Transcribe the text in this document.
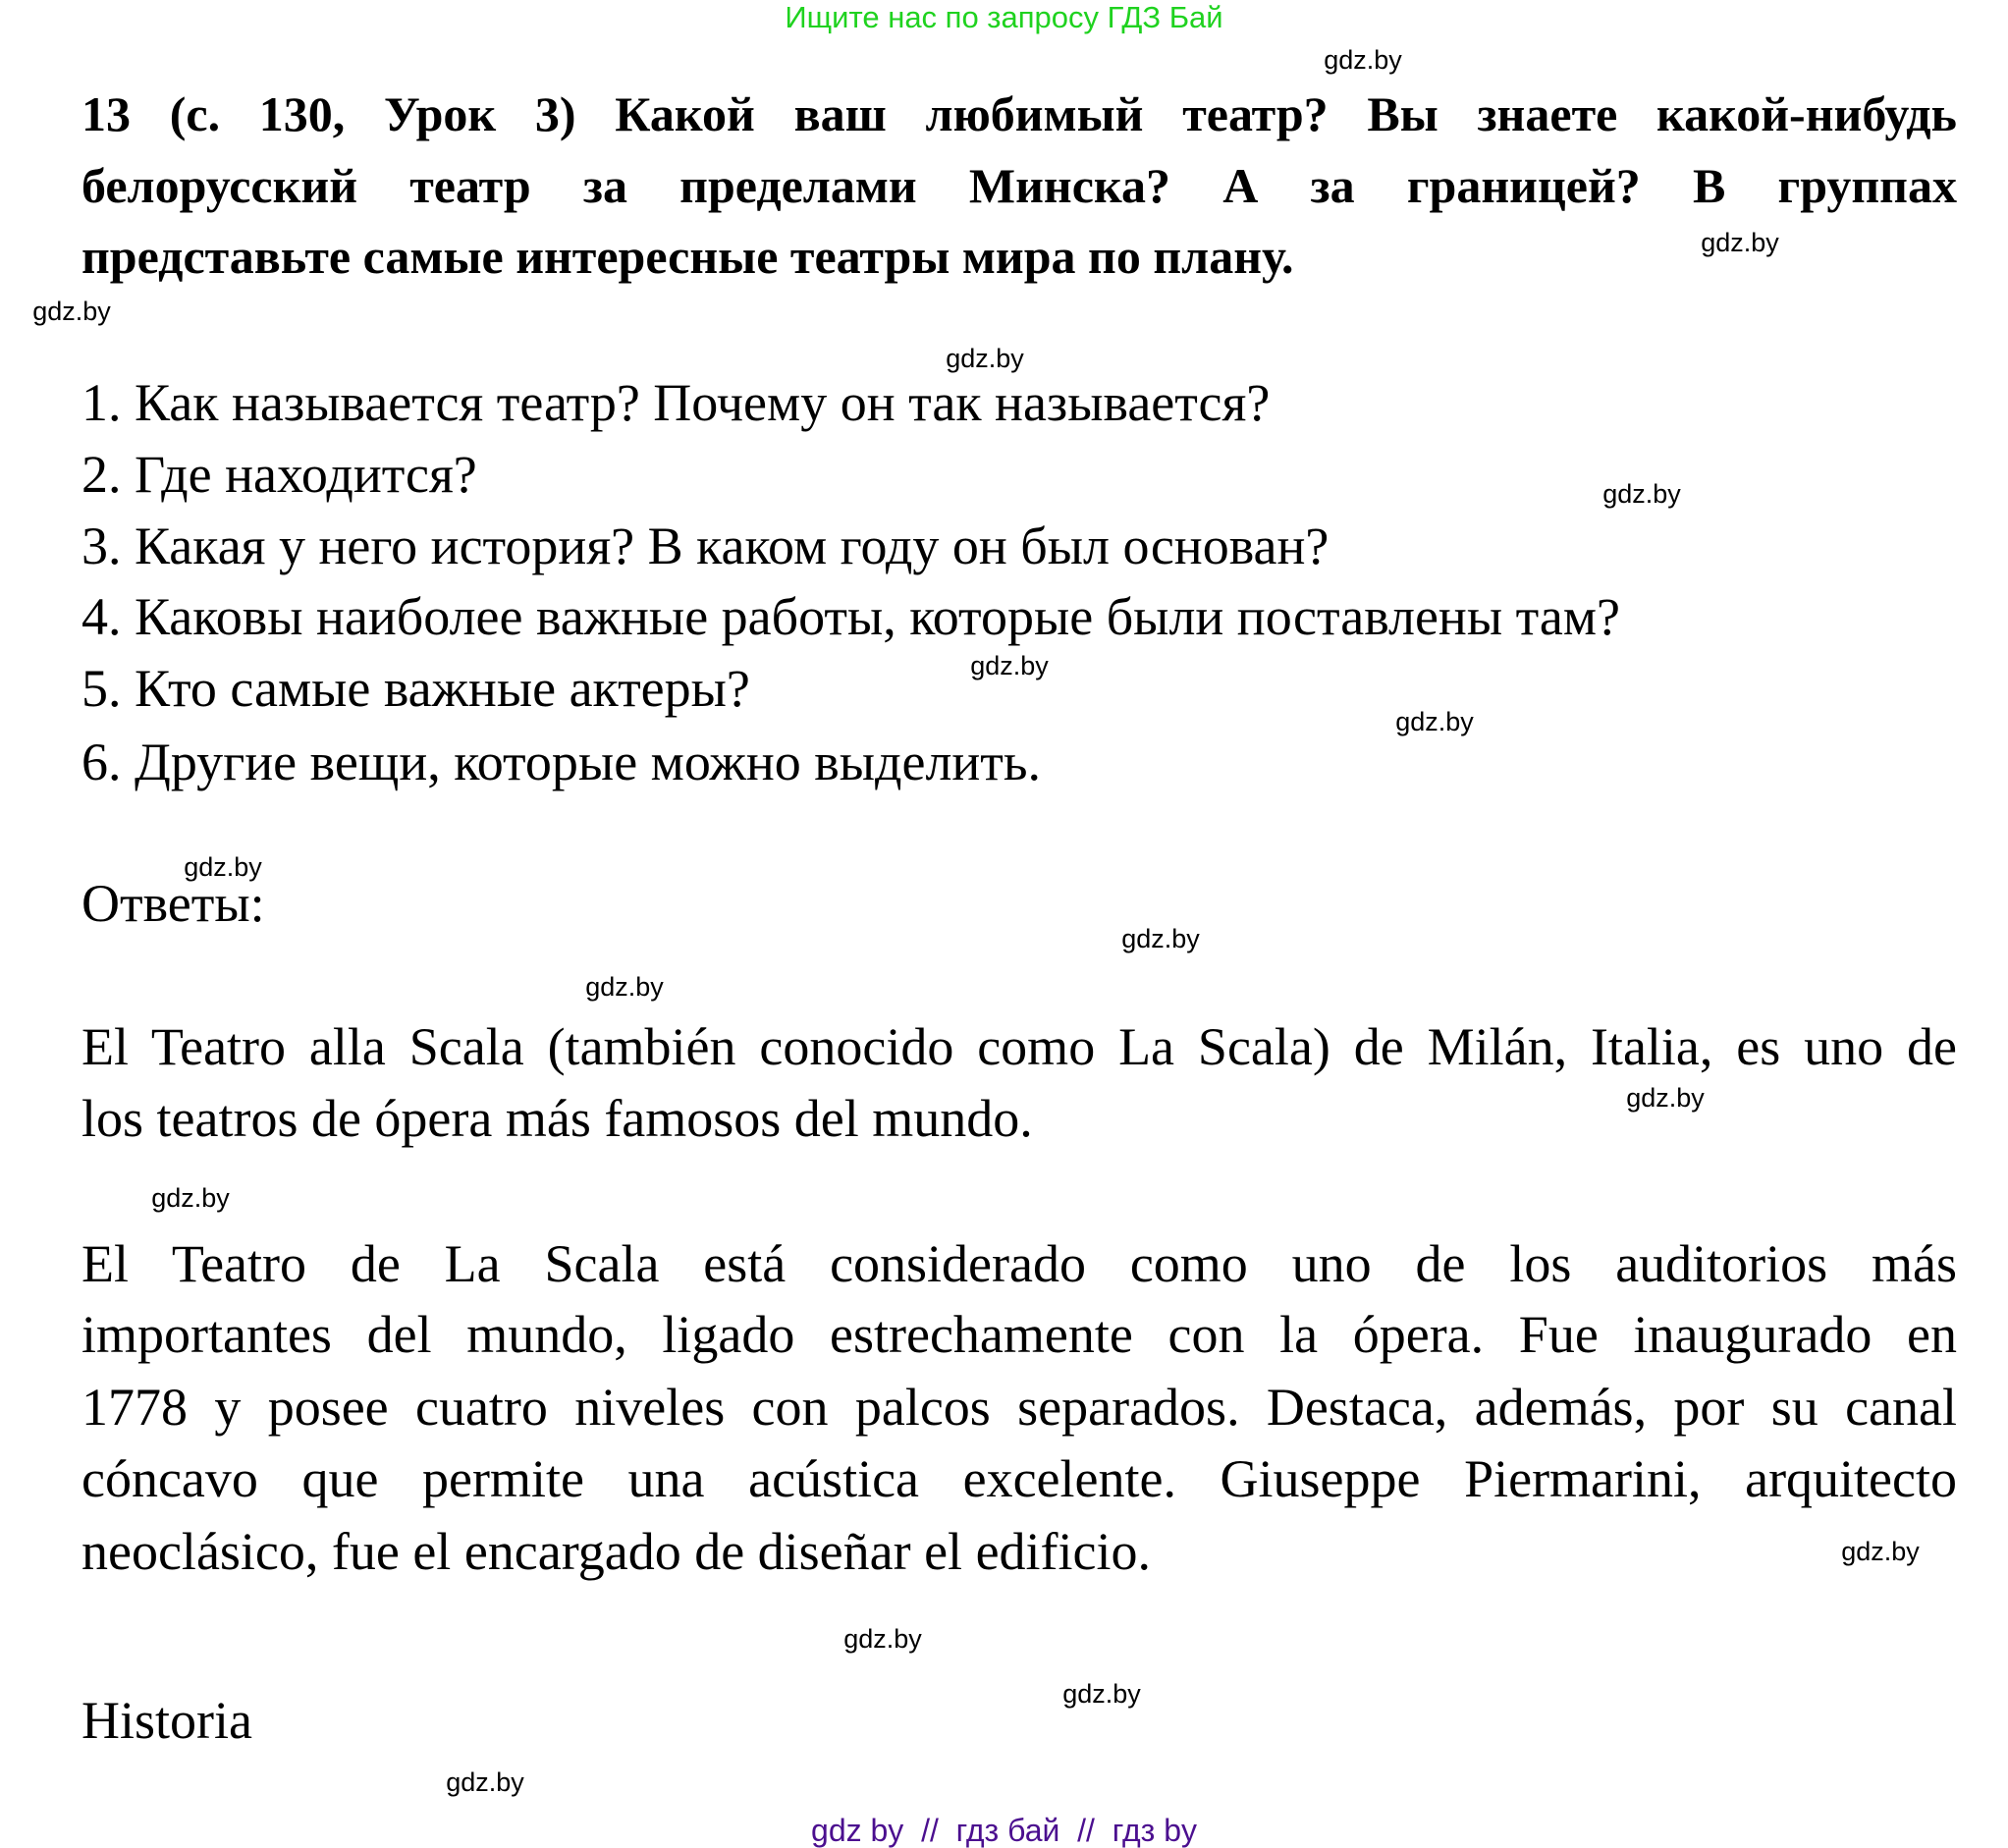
Ищите нас по запросу ГДЗ Бай
13 (с. 130, Урок 3) Какой ваш любимый театр? Вы знаете какой-нибудь
белорусский театр за пределами Минска? А за границей? В группах
представьте самые интересные театры мира по плану.
1. Как называется театр? Почему он так называется?
2. Где находится?
3. Какая у него история? В каком году он был основан?
4. Каковы наиболее важные работы, которые были поставлены там?
5. Кто самые важные актеры?
6. Другие вещи, которые можно выделить.
Ответы:
El Teatro alla Scala (también conocido como La Scala) de Milán, Italia, es uno de
los teatros de ópera más famosos del mundo.
El Teatro de La Scala está considerado como uno de los auditorios más
importantes del mundo, ligado estrechamente con la ópera. Fue inaugurado en
1778 y posee cuatro niveles con palcos separados. Destaca, además, por su canal
cóncavo que permite una acústica excelente. Giuseppe Piermarini, arquitecto
neoclásico, fue el encargado de diseñar el edificio.
Historia
gdz.by
gdz.by
gdz.by
gdz.by
gdz.by
gdz.by
gdz.by
gdz.by
gdz.by
gdz.by
gdz.by
gdz.by
gdz.by
gdz.by
gdz.by
gdz.by
gdz by  //  гдз бай  //  гдз by
